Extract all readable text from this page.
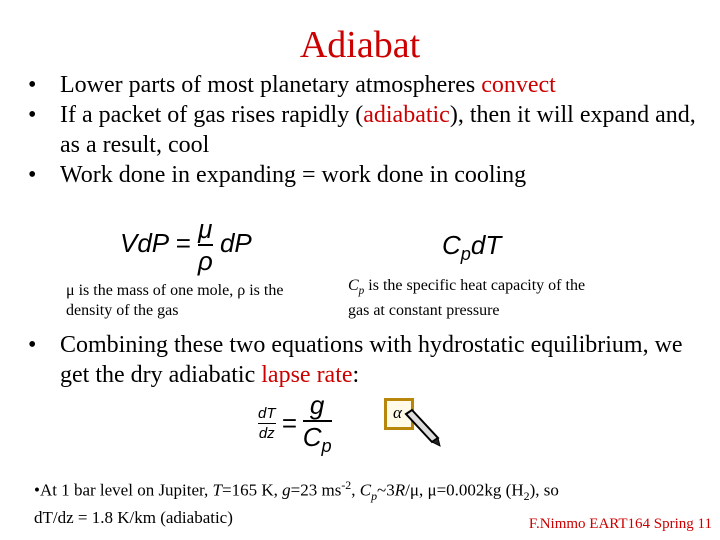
Adiabat
• Lower parts of most planetary atmospheres convect
• If a packet of gas rises rapidly (adiabatic), then it will expand and, as a result, cool
• Work done in expanding = work done in cooling
VdP = $\frac{\mu}{\rho}$ dP	$C_pdT$
μ is the mass of one mole, ρ is the density of the gas
$C_p$ is the specific heat capacity of the gas at constant pressure
• Combining these two equations with hydrostatic equilibrium, we get the dry adiabatic lapse rate:
$\frac{dT}{dz} = \frac{g}{C_p}$	α
•At 1 bar level on Jupiter, T=165 K, g=23 $ms^{-2}$, $C_p\sim 3R/\mu$, μ=0.002kg $(H_2)$, so
dT/dz = 1.8 K/km (adiabatic)	F.Nimmo EART164 Spring 11
